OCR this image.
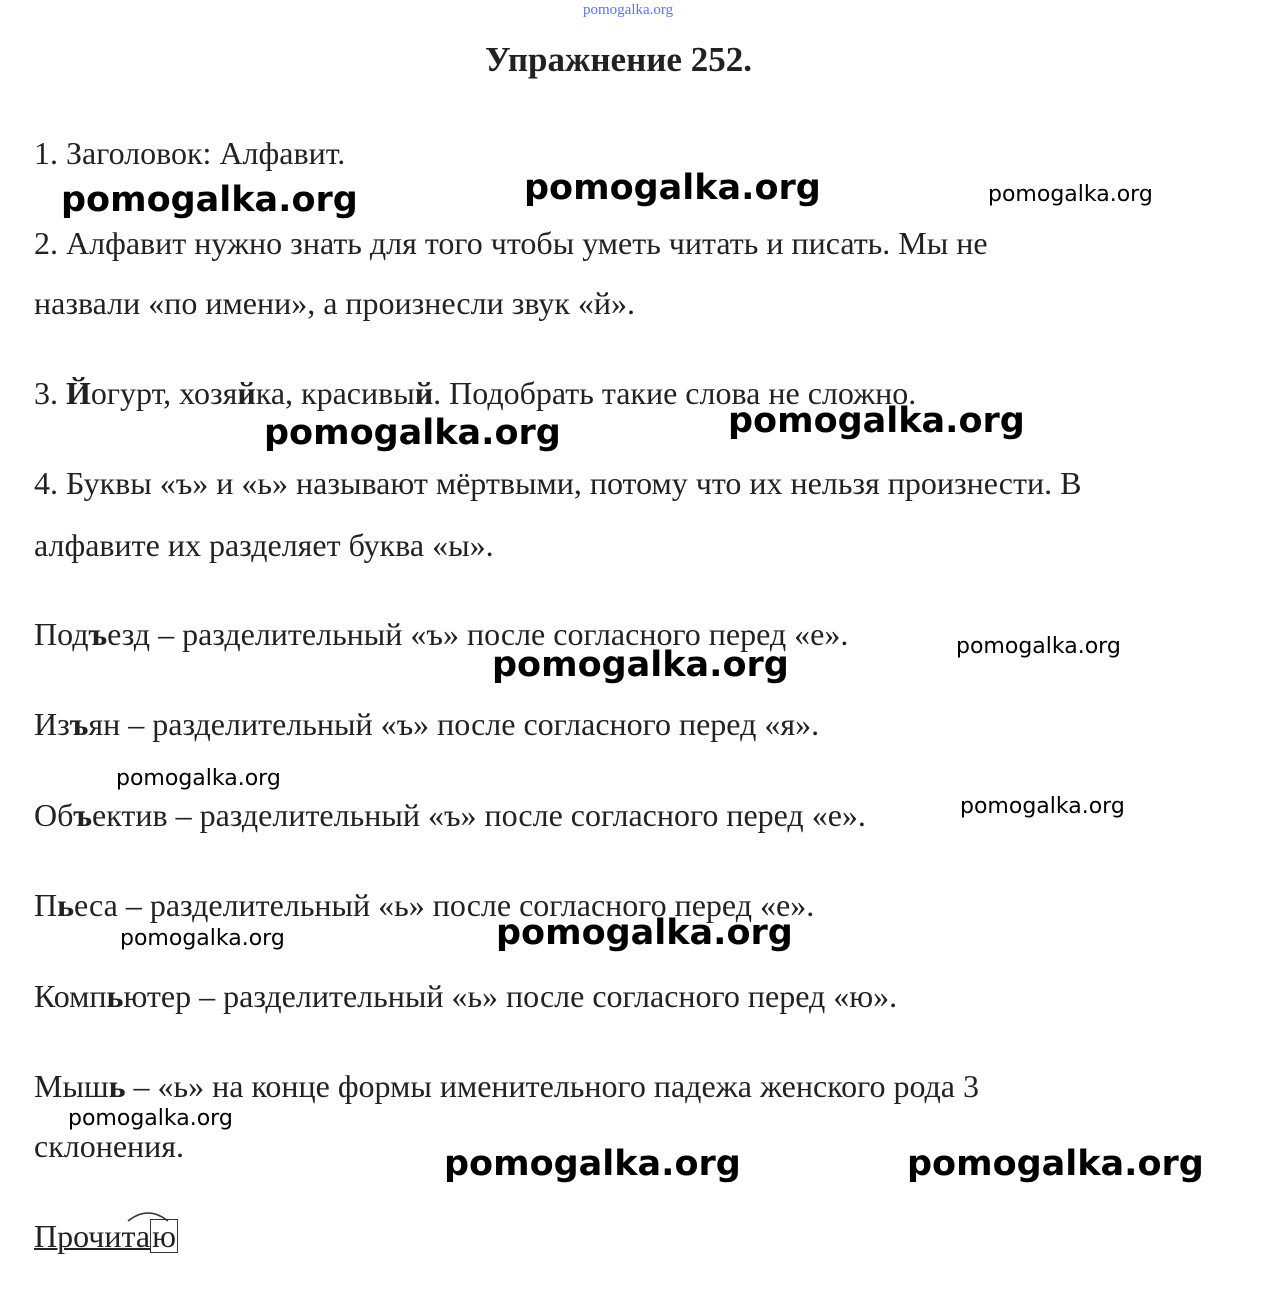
pomogalka.org
Упражнение 252.
1. Заголовок: Алфавит.
2. Алфавит нужно знать для того чтобы уметь читать и писать. Мы не
назвали «по имени», а произнесли звук «й».
3. Йогурт, хозяйка, красивый. Подобрать такие слова не сложно.
4. Буквы «ъ» и «ь» называют мёртвыми, потому что их нельзя произнести. В
алфавите их разделяет буква «ы».
Подъезд – разделительный «ъ» после согласного перед «е».
Изъян – разделительный «ъ» после согласного перед «я».
Объектив – разделительный «ъ» после согласного перед «е».
Пьеса – разделительный «ь» после согласного перед «е».
Компьютер – разделительный «ь» после согласного перед «ю».
Мышь – «ь» на конце формы именительного падежа женского рода 3
склонения.
Прочита
ю
pomogalka.org	pomogalka.org	pomogalka.org
pomogalka.org	pomogalka.org
pomogalka.org
pomogalka.org
pomogalka.org
pomogalka.org
pomogalka.org	pomogalka.org
pomogalka.org
pomogalka.org	pomogalka.org
